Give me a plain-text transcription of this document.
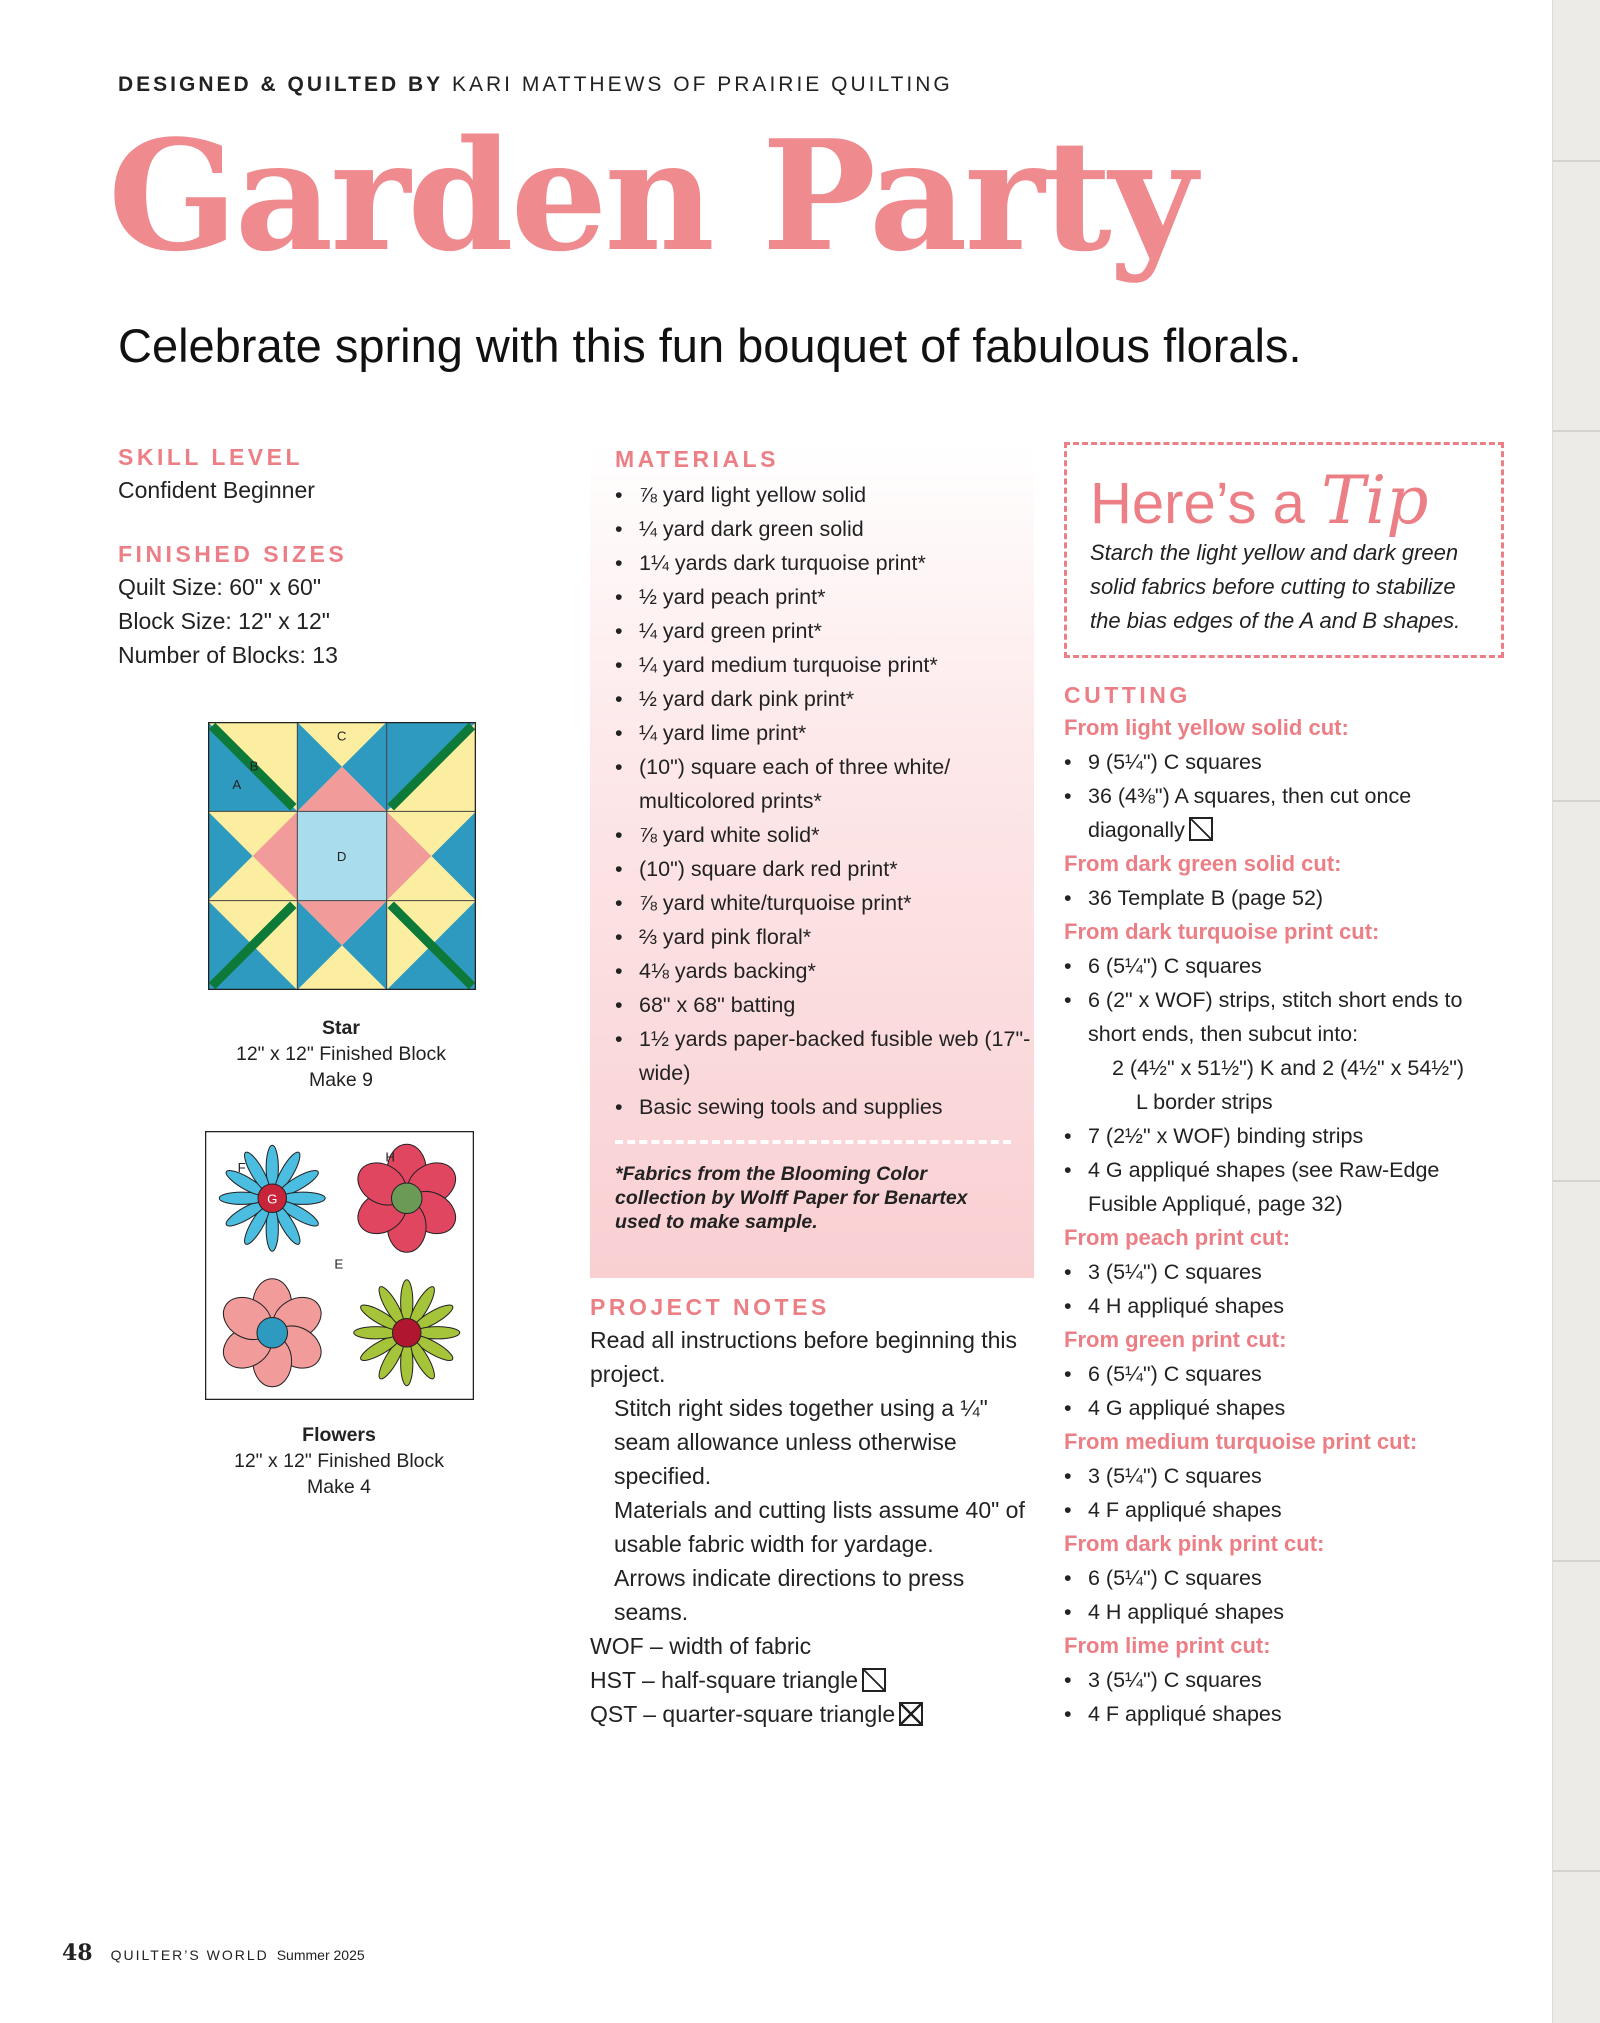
DESIGNED & QUILTED BY KARI MATTHEWS OF PRAIRIE QUILTING
Garden Party
Celebrate spring with this fun bouquet of fabulous florals.
SKILL LEVEL
Confident Beginner
FINISHED SIZES
Quilt Size: 60" x 60"
Block Size: 12" x 12"
Number of Blocks: 13
A
B
C
D
Star
12" x 12" Finished Block
Make 9
F
G
H
E
Flowers
12" x 12" Finished Block
Make 4
MATERIALS
• ⅞ yard light yellow solid
• ¼ yard dark green solid
• 1¼ yards dark turquoise print*
• ½ yard peach print*
• ¼ yard green print*
• ¼ yard medium turquoise print*
• ½ yard dark pink print*
• ¼ yard lime print*
• (10") square each of three white/ multicolored prints*
• ⅞ yard white solid*
• (10") square dark red print*
• ⅞ yard white/turquoise print*
• ⅔ yard pink floral*
• 4⅛ yards backing*
• 68" x 68" batting
• 1½ yards paper-backed fusible web (17"-wide)
• Basic sewing tools and supplies
*Fabrics from the Blooming Color collection by Wolff Paper for Benartex used to make sample.
PROJECT NOTES

Read all instructions before beginning this project.

Stitch right sides together using a ¼" seam allowance unless otherwise specified.

Materials and cutting lists assume 40" of usable fabric width for yardage.

Arrows indicate directions to press seams.

WOF – width of fabric

HST – half-square triangle

QST – quarter-square triangle

Here’s a Tip
Starch the light yellow and dark green solid fabrics before cutting to stabilize the bias edges of the A and B shapes.
CUTTING
From light yellow solid cut:
• 9 (5¼") C squares
• 36 (4⅜") A squares, then cut once diagonally
From dark green solid cut:
• 36 Template B (page 52)
From dark turquoise print cut:
• 6 (5¼") C squares
• 6 (2" x WOF) strips, stitch short ends to short ends, then subcut into:
2 (4½" x 51½") K and 2 (4½" x 54½")
L border strips
• 7 (2½" x WOF) binding strips
• 4 G appliqué shapes (see Raw-Edge Fusible Appliqué, page 32)
From peach print cut:
• 3 (5¼") C squares
• 4 H appliqué shapes
From green print cut:
• 6 (5¼") C squares
• 4 G appliqué shapes
From medium turquoise print cut:
• 3 (5¼") C squares
• 4 F appliqué shapes
From dark pink print cut:
• 6 (5¼") C squares
• 4 H appliqué shapes
From lime print cut:
• 3 (5¼") C squares
• 4 F appliqué shapes
48 QUILTER’S WORLD Summer 2025
